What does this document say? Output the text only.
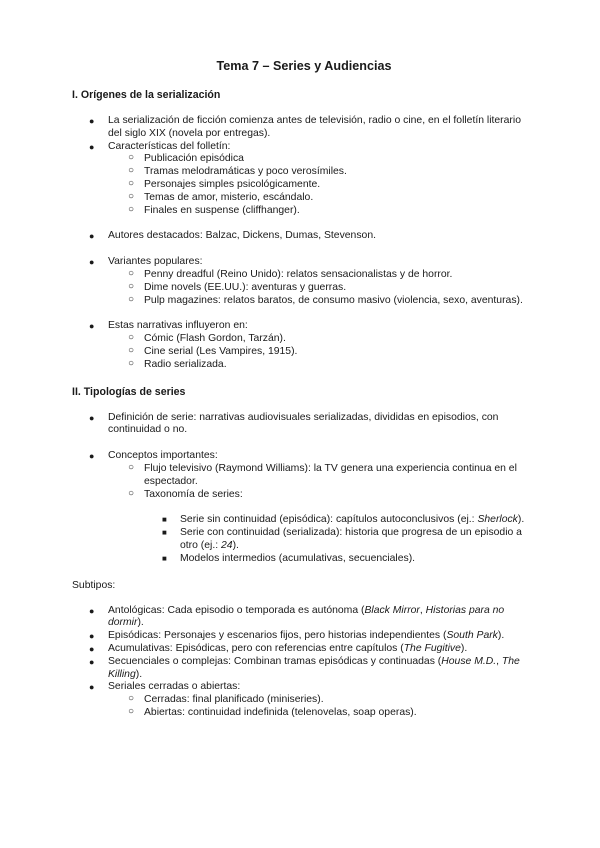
Tema 7 – Series y Audiencias
I. Orígenes de la serialización
● La serialización de ficción comienza antes de televisión, radio o cine, en el folletín literario del siglo XIX (novela por entregas).
● Características del folletín:
○ Publicación episódica
○ Tramas melodramáticas y poco verosímiles.
○ Personajes simples psicológicamente.
○ Temas de amor, misterio, escándalo.
○ Finales en suspense (cliffhanger).
● Autores destacados: Balzac, Dickens, Dumas, Stevenson.
● Variantes populares:
○ Penny dreadful (Reino Unido): relatos sensacionalistas y de horror.
○ Dime novels (EE.UU.): aventuras y guerras.
○ Pulp magazines: relatos baratos, de consumo masivo (violencia, sexo, aventuras).
● Estas narrativas influyeron en:
○ Cómic (Flash Gordon, Tarzán).
○ Cine serial (Les Vampires, 1915).
○ Radio serializada.
II. Tipologías de series
● Definición de serie: narrativas audiovisuales serializadas, divididas en episodios, con continuidad o no.
● Conceptos importantes:
○ Flujo televisivo (Raymond Williams): la TV genera una experiencia continua en el espectador.
○ Taxonomía de series:
■ Serie sin continuidad (episódica): capítulos autoconclusivos (ej.: Sherlock).
■ Serie con continuidad (serializada): historia que progresa de un episodio a otro (ej.: 24).
■ Modelos intermedios (acumulativas, secuenciales).
Subtipos:
● Antológicas: Cada episodio o temporada es autónoma (Black Mirror, Historias para no dormir).
● Episódicas: Personajes y escenarios fijos, pero historias independientes (South Park).
● Acumulativas: Episódicas, pero con referencias entre capítulos (The Fugitive).
● Secuenciales o complejas: Combinan tramas episódicas y continuadas (House M.D., The Killing).
● Seriales cerradas o abiertas:
○ Cerradas: final planificado (miniseries).
○ Abiertas: continuidad indefinida (telenovelas, soap operas).
